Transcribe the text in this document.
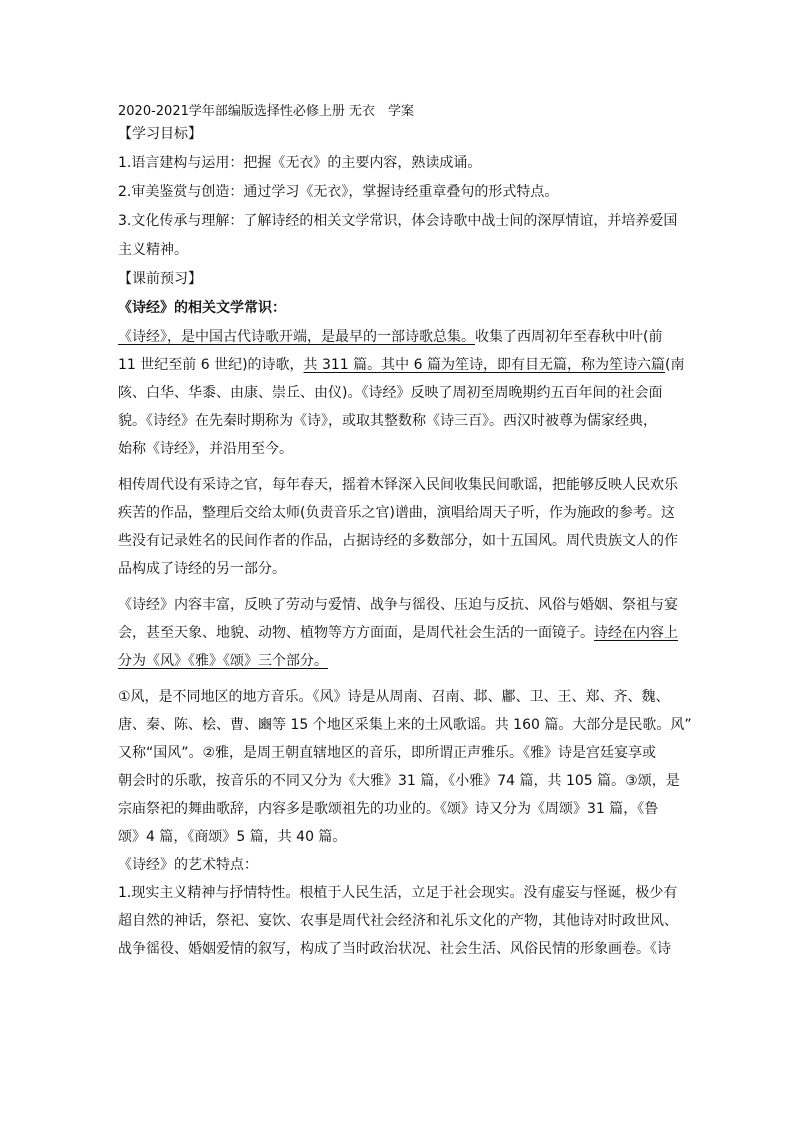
2020-2021学年部编版选择性必修上册 无衣　学案

【学习目标】

1.语言建构与运用：把握《无衣》的主要内容，熟读成诵。

2.审美鉴赏与创造：通过学习《无衣》，掌握诗经重章叠句的形式特点。

3.文化传承与理解：了解诗经的相关文学常识，体会诗歌中战士间的深厚情谊，并培养爱国

主义精神。

【课前预习】

《诗经》的相关文学常识：

《诗经》，是中国古代诗歌开端，是最早的一部诗歌总集。收集了西周初年至春秋中叶(前

11 世纪至前 6 世纪)的诗歌，共 311 篇。其中 6 篇为笙诗，即有目无篇，称为笙诗六篇(南

陔、白华、华黍、由康、崇丘、由仪)。《诗经》反映了周初至周晚期约五百年间的社会面

貌。《诗经》在先秦时期称为《诗》，或取其整数称《诗三百》。西汉时被尊为儒家经典，

始称《诗经》，并沿用至今。

相传周代设有采诗之官，每年春天，摇着木铎深入民间收集民间歌谣，把能够反映人民欢乐

疾苦的作品，整理后交给太师(负责音乐之官)谱曲，演唱给周天子听，作为施政的参考。这

些没有记录姓名的民间作者的作品，占据诗经的多数部分，如十五国风。周代贵族文人的作

品构成了诗经的另一部分。

《诗经》内容丰富，反映了劳动与爱情、战争与徭役、压迫与反抗、风俗与婚姻、祭祖与宴

会，甚至天象、地貌、动物、植物等方方面面，是周代社会生活的一面镜子。诗经在内容上

分为《风》《雅》《颂》三个部分。

①风，是不同地区的地方音乐。《风》诗是从周南、召南、邶、鄘、卫、王、郑、齐、魏、

唐、秦、陈、桧、曹、豳等 15 个地区采集上来的土风歌谣。共 160 篇。大部分是民歌。风”

又称“国风”。②雅，是周王朝直辖地区的音乐，即所谓正声雅乐。《雅》诗是宫廷宴享或

朝会时的乐歌，按音乐的不同又分为《大雅》31 篇，《小雅》74 篇，共 105 篇。③颂，是

宗庙祭祀的舞曲歌辞，内容多是歌颂祖先的功业的。《颂》诗又分为《周颂》31 篇，《鲁

颂》4 篇，《商颂》5 篇，共 40 篇。

《诗经》的艺术特点：

1.现实主义精神与抒情特性。根植于人民生活，立足于社会现实。没有虚妄与怪诞，极少有

超自然的神话，祭祀、宴饮、农事是周代社会经济和礼乐文化的产物，其他诗对时政世风、

战争徭役、婚姻爱情的叙写，构成了当时政治状况、社会生活、风俗民情的形象画卷。《诗
